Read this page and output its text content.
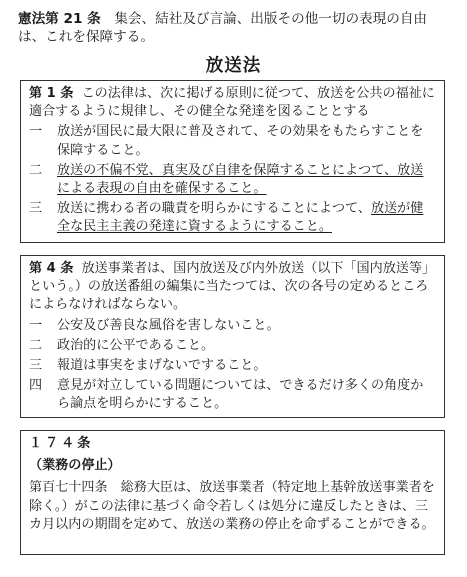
憲法第 21 条　 集会、結社及び言論、出版その他一切の表現の自由は、これを保障する。
放送法

第 1 条 この法律は、次に掲げる原則に従つて、放送を公共の福祉に適合するように規律し、その健全な発達を図ることとする

一	放送が国民に最大限に普及されて、その効果をもたらすことを保障すること。
二	放送の不偏不党、真実及び自律を保障することによつて、放送による表現の自由を確保すること。
三	放送に携わる者の職責を明らかにすることによつて、放送が健全な民主主義の発達に資するようにすること。

第 4 条 放送事業者は、国内放送及び内外放送（以下「国内放送等」という。）の放送番組の編集に当たつては、次の各号の定めるところによらなければならない。

一	公安及び善良な風俗を害しないこと。
二	政治的に公平であること。
三	報道は事実をまげないですること。
四	意見が対立している問題については、できるだけ多くの角度から論点を明らかにすること。
１７４条
（業務の停止）

第百七十四条　総務大臣は、放送事業者（特定地上基幹放送事業者を除く。）がこの法律に基づく命令若しくは処分に違反したときは、三カ月以内の期間を定めて、放送の業務の停止を命ずることができる。
